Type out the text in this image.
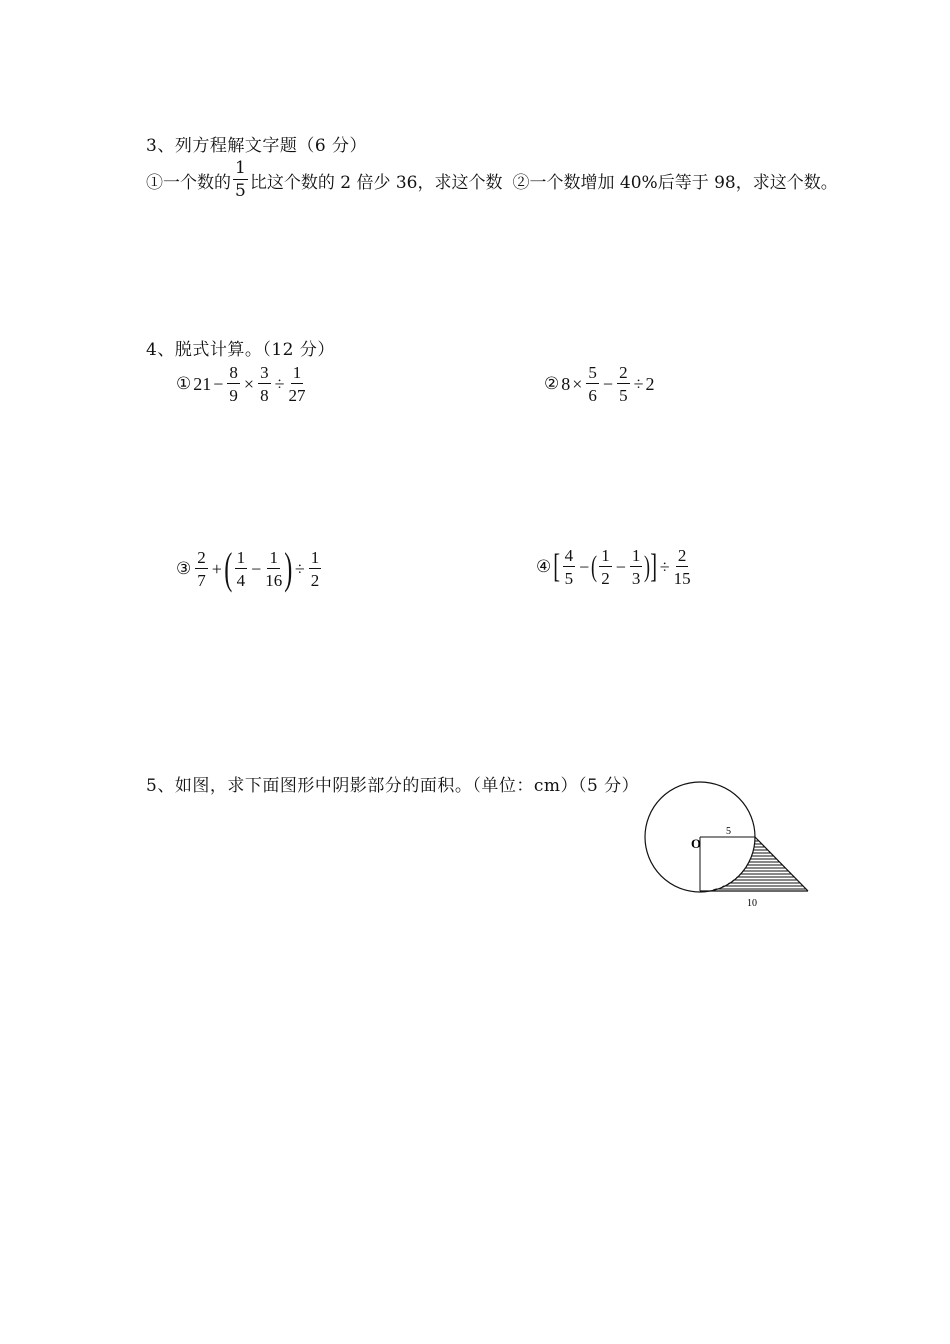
3、列方程解文字题（6 分）
①一个数的 $\frac{1}{5}$ 比这个数的 2 倍少 36，求这个数 ②一个数增加 40%后等于 98，求这个数。
4、脱式计算。（12 分）
① $21 - \frac{8}{9} \times \frac{3}{8} \div \frac{1}{27}$	② $8 \times \frac{5}{6} - \frac{2}{5} \div 2$
③ $\frac{2}{7}$ + ( $\frac{1}{4} - \frac{1}{16}$ ) ÷ $\frac{1}{2}$	④ [ $\frac{4}{5}$ − ( $\frac{1}{2} - \frac{1}{3}$ ) ] ÷ $\frac{2}{15}$
5、如图，求下面图形中阴影部分的面积。（单位：cm）（5 分）
O
5
10
